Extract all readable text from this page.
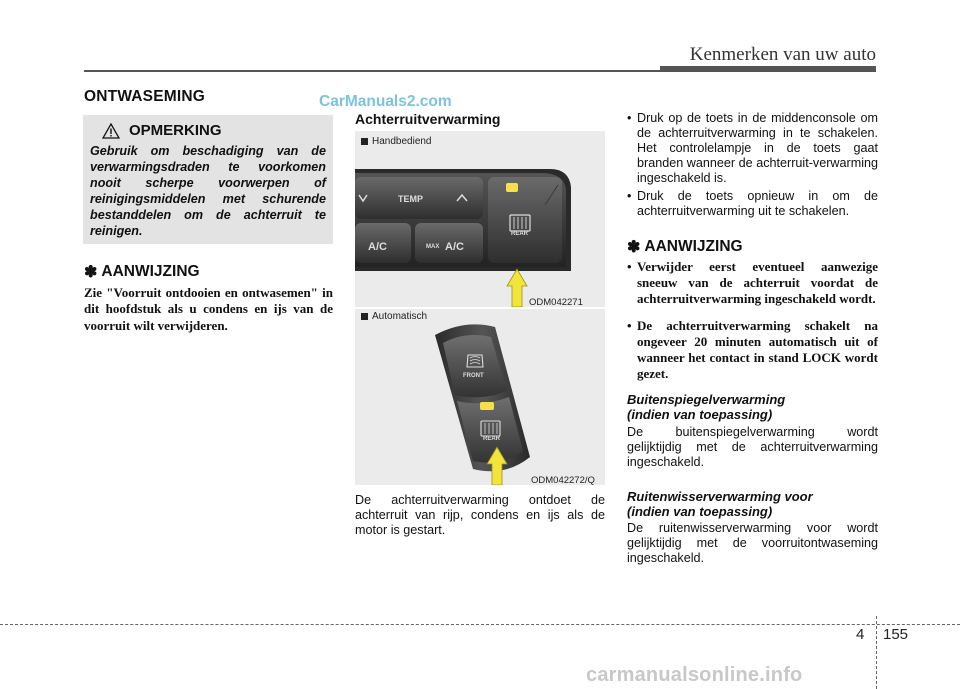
Kenmerken van uw auto
ONTWASEMING	CarManuals2.com
OPMERKING
Gebruik om beschadiging van de verwarmingsdraden te voorkomen nooit scherpe voorwerpen of reinigingsmiddelen met schurende bestanddelen om de achterruit te reinigen.
✽ AANWIJZING
Zie "Voorruit ontdooien en ontwasemen" in dit hoofdstuk als u condens en ijs van de voorruit wilt verwijderen.
Achterruitverwarming
Handbediend
TEMP
A/C	MAX A/C
REAR
ODM042271
Automatisch
FRONT
REAR
ODM042272/Q
De achterruitverwarming ontdoet de achterruit van rijp, condens en ijs als de motor is gestart.
• Druk op de toets in de middenconsole om de achterruitverwarming in te schakelen. Het controlelampje in de toets gaat branden wanneer de achterruit-verwarming ingeschakeld is.
• Druk de toets opnieuw in om de achterruitverwarming uit te schakelen.
✽ AANWIJZING
• Verwijder eerst eventueel aanwezige sneeuw van de achterruit voordat de achterruitverwarming ingeschakeld wordt.
• De achterruitverwarming schakelt na ongeveer 20 minuten automatisch uit of wanneer het contact in stand LOCK wordt gezet.
Buitenspiegelverwarming
(indien van toepassing)
De buitenspiegelverwarming wordt gelijktijdig met de achterruitverwarming ingeschakeld.
Ruitenwisserverwarming voor
(indien van toepassing)
De ruitenwisserverwarming voor wordt gelijktijdig met de voorruitontwaseming ingeschakeld.
4 155
carmanualsonline.info
